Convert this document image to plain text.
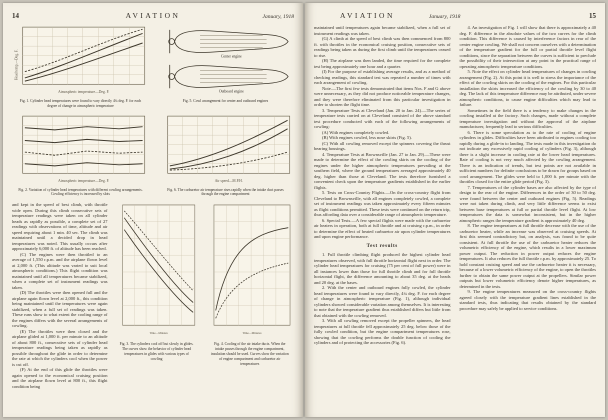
14	AVIATION	January, 1918
Atmospheric temperature—Deg. F.
Head temp.—Deg. F.
Fig. 1. Cylinder head temperatures were found to vary directly 4¼ deg. F. for each degree of change in atmospheric temperature
Center engine
Outboard engine
Fig. 5. Cowl arrangement for center and outboard engines
Atmospheric temperature—Deg. F.
Fig. 2. Variation of cylinder head temperatures with different cowling arrangements. Cowling efficiency is increased by slots
Air speed—M.P.H.
Fig. 6. The carburetor air temperature rises rapidly when the intake duct passes through the engine compartment

and kept in the speed of best climb, with throttle wide open. During this climb consecutive sets of temperature readings were taken on all cylinder heads as rapidly as possible, a complete set of 27 readings with observations of time, altitude and air speed requiring about 1 min. 40 sec. The climb was maintained until a decided drop in head temperatures was noted. This usually occurs after approximately 6,000 ft. of altitude has been reached.

(C) The engines were then throttled to an average of 1,550 r.p.m. and the airplane flown level at 2,000 ft. (This altitude was varied to suit local atmospheric conditions.) This flight condition was maintained until all temperatures became stabilized, when a complete set of instrument readings was taken.

(D) The throttles were then opened full and the airplane again flown level at 2,000 ft., this condition being maintained until the temperatures were again stabilized, when a full set of readings was taken. These runs show to what extent the cooling range of the engines differs with the several arrangements of cowling.

(E) The throttles were then closed and the airplane glided at 1,000 ft. per minute to an altitude of about 800 ft., consecutive sets of cylinder head temperature readings being taken as rapidly as possible throughout the glide in order to determine the rate at which the cylinders cool when the power is cut off.

(F) At the end of this glide the throttles were again opened to the economical cruising position and the airplane flown level at 800 ft., this flight condition being

Time—Minutes
Fig. 3. The cylinders cool off but slowly in glides. The curves show the behavior of cylinder head temperatures in glides with various types of cowling
Time—Minutes
Fig. 4. Cooling of the air intake ducts. When the intake passes through the engine compartment, insulation should be used. Curves show the variation of engine compartment and carburetor air temperatures
AVIATION	January, 1918	15

maintained until temperatures again became stabilized, when a full set of instrument readings was taken.

(G) A climb at the speed of best climb was then commenced from 800 ft. with throttles in the economical cruising position, consecutive sets of readings being taken as during the first climb until the temperatures ceased to rise.

(H) The airplane was then landed, the time required for the complete test being approximately one hour and a quarter.

(I) For the purpose of establishing average results, and as a method of checking readings, this standard test was repeated a number of times with each arrangement of cowling.

Note.—The first few tests demonstrated that items Nos. F and G above were unnecessary, as they did not produce noticeable temperature changes, and they were therefore eliminated from this particular investigation in order to shorten the flight time.

3. Temperature Tests at Cleveland (Jan. 20 to Jan. 24).—The series of temperature tests carried on at Cleveland consisted of the above standard test procedure conducted with each of the following arrangements of cowling:

(A) With engines completely cowled.

(B) With engines cowled, less nose skirts (Fig. 5).

(C) With all cowling removed except the spinners covering the thrust bearing housings.

4. Temperature Tests at Brownsville (Jan. 27 to Jan. 29).—These were made to determine the effect of the cowling skirts on the cooling of the engines under the higher atmospheric temperatures prevailing at the southern field, where the ground temperatures averaged approximately 40 deg. higher than those at Cleveland. The tests therefore furnished a convenient check upon the temperature gradients established in the earlier flights.

5. Tests on Cross-Country Flights.—On the cross-country flight from Cleveland to Brownsville, with all engines completely cowled, a complete set of instrument readings was taken approximately every fifteen minutes as flight conditions permitted. These tests were continued on the return trip, thus affording data over a considerable range of atmospheric temperature.

6. Special Tests.—A few special flights were made with the carburetor air heaters in operation, both at full throttle and at cruising r.p.m., in order to determine the effect of heated carburetor air upon cylinder temperatures and upon engine performance.

Test results

1. Full throttle climbing flight produced the highest cylinder head temperatures observed, with full throttle horizontal flight next in order. The cylinder head temperatures for cruising (75 per cent of full power) were in all instances lower than those for full throttle climb and for full throttle horizontal flight, the difference amounting to about 35 deg. at the heads and 20 deg. at the bases.

2. With the center and outboard engines fully cowled, the cylinder head temperatures were found to vary directly, 4¼ deg. F. for each degree of change in atmospheric temperature (Fig. 1), although individual cylinders showed considerable variation among themselves. It is interesting to note that the temperature gradient thus established differs but little from that obtained with the cowling removed.

3. With all cowling removed except the propeller spinners, the head temperatures at full throttle fell approximately 25 deg. below those of the fully cowled condition, but the engine compartment temperatures rose, showing that the cowling performs the double function of cooling the cylinders and of protecting the accessories (Fig. 6).

4. An investigation of Fig. 1 will show that there is approximately a 40 deg. F. difference in the absolute values of the two curves for the climb condition. This difference is caused by interference factors in rear of the center engine cowling. We shall not concern ourselves with a determination of the temperature gradient for the full or partial throttle level flight conditions, since the separation between the curves is sufficient to preclude the possibility of their intersection at any point in the practical range of operating atmospheric temperature conditions.

5. Note the effect on cylinder head temperatures of changes in cowling arrangement (Fig. 2). At this point it is well to stress the importance of the effect of the cowling skirts on the cooling of the engines. For this particular installation the skirts increased the efficiency of the cowling by 30 to 40 deg. The lack of this temperature difference may be attributed, under severe atmospheric conditions, to cause engine difficulties which may lead to failure.

Sometimes in the field there is a tendency to make changes in the cowling installed at the factory. Such changes, made without a complete temperature investigation and without the approval of the airplane manufacturer, frequently lead to serious difficulties.

6. There is some speculation as to the rate of cooling of engine cylinders in glides. Difficulties have been attributed to engines cooling too rapidly during a glide-in to landing. The tests made in this investigation do not indicate any excessively rapid cooling of cylinders (Fig. 3), although there is a slight increase in cooling rate at the lower head temperatures. Rate of cooling is not very much affected by the cowling arrangement. There is an indication of trends, but test points are not available in sufficient numbers for definite conclusions to be drawn for groups based on cowl arrangement. The glides were held to 1,000 ft. per minute with the throttles closed for the entire glide period (Fig. 3).

7. Temperatures of the cylinder bases are also affected by the type of design to the rear of the engine. Differences in the order of 30 to 50 deg. were found between the center and outboard engines (Fig. 5). Readings were not taken during climb, and very little difference seems to exist between base temperatures at full or partial throttle level flight. At low temperatures the data is somewhat inconsistent, but in the higher atmospheric ranges the temperature gradient is approximately 40 deg.

8. The engine temperatures at full throttle decrease with the use of the carburetor heater, while an increase was observed at cruising speeds. At first this seemed contradictory but, on analysis, was found to be quite consistent. At full throttle the use of the carburetor heater reduces the volumetric efficiency of the engine, which results in a lower maximum power output. The reduction in power output reduces the engine temperatures. It also reduces the full throttle r.p.m. by approximately 25. To hold constant cruising speed and use the carburetor heater it is necessary, because of a lower volumetric efficiency of the engine, to open the throttles further to obtain the same power output at the propellers. Similar power outputs but lower volumetric efficiency denote higher temperatures, as determined in the tests.

9. The engine temperatures measured on the cross-country flights agreed closely with the temperature gradient lines established in the standard tests, thus indicating that results obtained by the standard procedure may safely be applied to service conditions.
